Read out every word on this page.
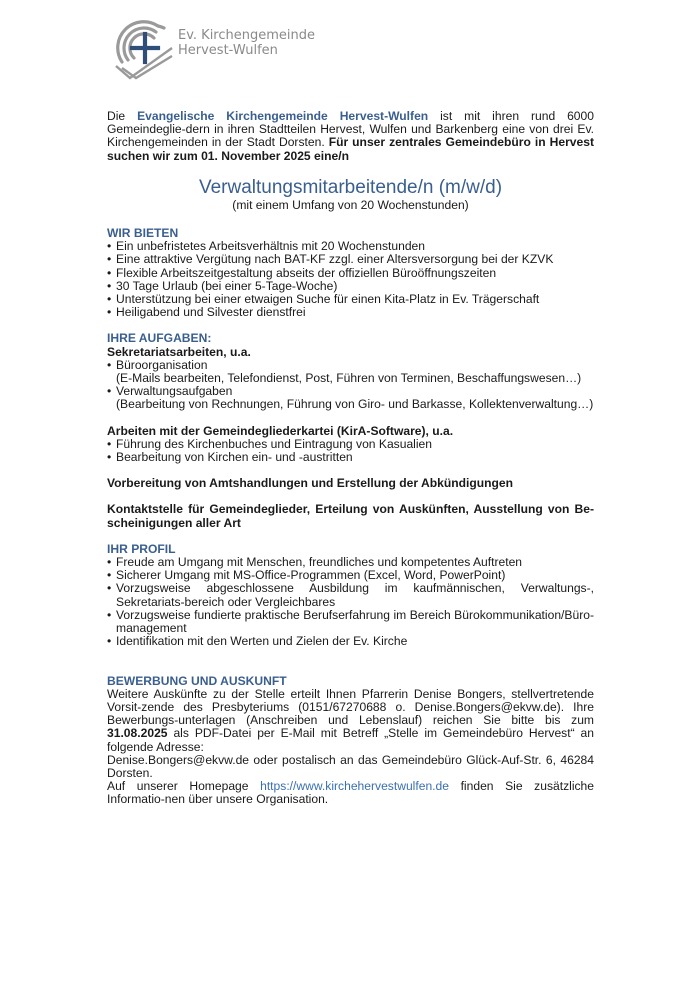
Ev. Kirchengemeinde
Hervest-Wulfen
Die Evangelische Kirchengemeinde Hervest-Wulfen ist mit ihren rund 6000 Gemeindeglie-dern in ihren Stadtteilen Hervest, Wulfen und Barkenberg eine von drei Ev. Kirchengemeinden in der Stadt Dorsten. Für unser zentrales Gemeindebüro in Hervest suchen wir zum 01. November 2025 eine/n
Verwaltungsmitarbeitende/n (m/w/d)
(mit einem Umfang von 20 Wochenstunden)
WIR BIETEN
• Ein unbefristetes Arbeitsverhältnis mit 20 Wochenstunden
• Eine attraktive Vergütung nach BAT-KF zzgl. einer Altersversorgung bei der KZVK
• Flexible Arbeitszeitgestaltung abseits der offiziellen Büroöffnungszeiten
• 30 Tage Urlaub (bei einer 5-Tage-Woche)
• Unterstützung bei einer etwaigen Suche für einen Kita-Platz in Ev. Trägerschaft
• Heiligabend und Silvester dienstfrei
IHRE AUFGABEN:
Sekretariatsarbeiten, u.a.
• Büroorganisation
(E-Mails bearbeiten, Telefondienst, Post, Führen von Terminen, Beschaffungswesen…)
• Verwaltungsaufgaben
(Bearbeitung von Rechnungen, Führung von Giro- und Barkasse, Kollektenverwaltung…)
Arbeiten mit der Gemeindegliederkartei (KirA-Software), u.a.
• Führung des Kirchenbuches und Eintragung von Kasualien
• Bearbeitung von Kirchen ein- und -austritten
Vorbereitung von Amtshandlungen und Erstellung der Abkündigungen
Kontaktstelle für Gemeindeglieder, Erteilung von Auskünften, Ausstellung von Be-scheinigungen aller Art
IHR PROFIL
• Freude am Umgang mit Menschen, freundliches und kompetentes Auftreten
• Sicherer Umgang mit MS-Office-Programmen (Excel, Word, PowerPoint)
• Vorzugsweise abgeschlossene Ausbildung im kaufmännischen, Verwaltungs-, Sekretariats-bereich oder Vergleichbares
• Vorzugsweise fundierte praktische Berufserfahrung im Bereich Bürokommunikation/Büro-management
• Identifikation mit den Werten und Zielen der Ev. Kirche
BEWERBUNG UND AUSKUNFT
Weitere Auskünfte zu der Stelle erteilt Ihnen Pfarrerin Denise Bongers, stellvertretende Vorsit-zende des Presbyteriums (0151/67270688 o. Denise.Bongers@ekvw.de). Ihre Bewerbungs-unterlagen (Anschreiben und Lebenslauf) reichen Sie bitte bis zum 31.08.2025 als PDF-Datei per E-Mail mit Betreff „Stelle im Gemeindebüro Hervest“ an folgende Adresse:
Denise.Bongers@ekvw.de oder postalisch an das Gemeindebüro Glück-Auf-Str. 6, 46284 Dorsten.
Auf unserer Homepage https://www.kirchehervestwulfen.de finden Sie zusätzliche Informatio-nen über unsere Organisation.
